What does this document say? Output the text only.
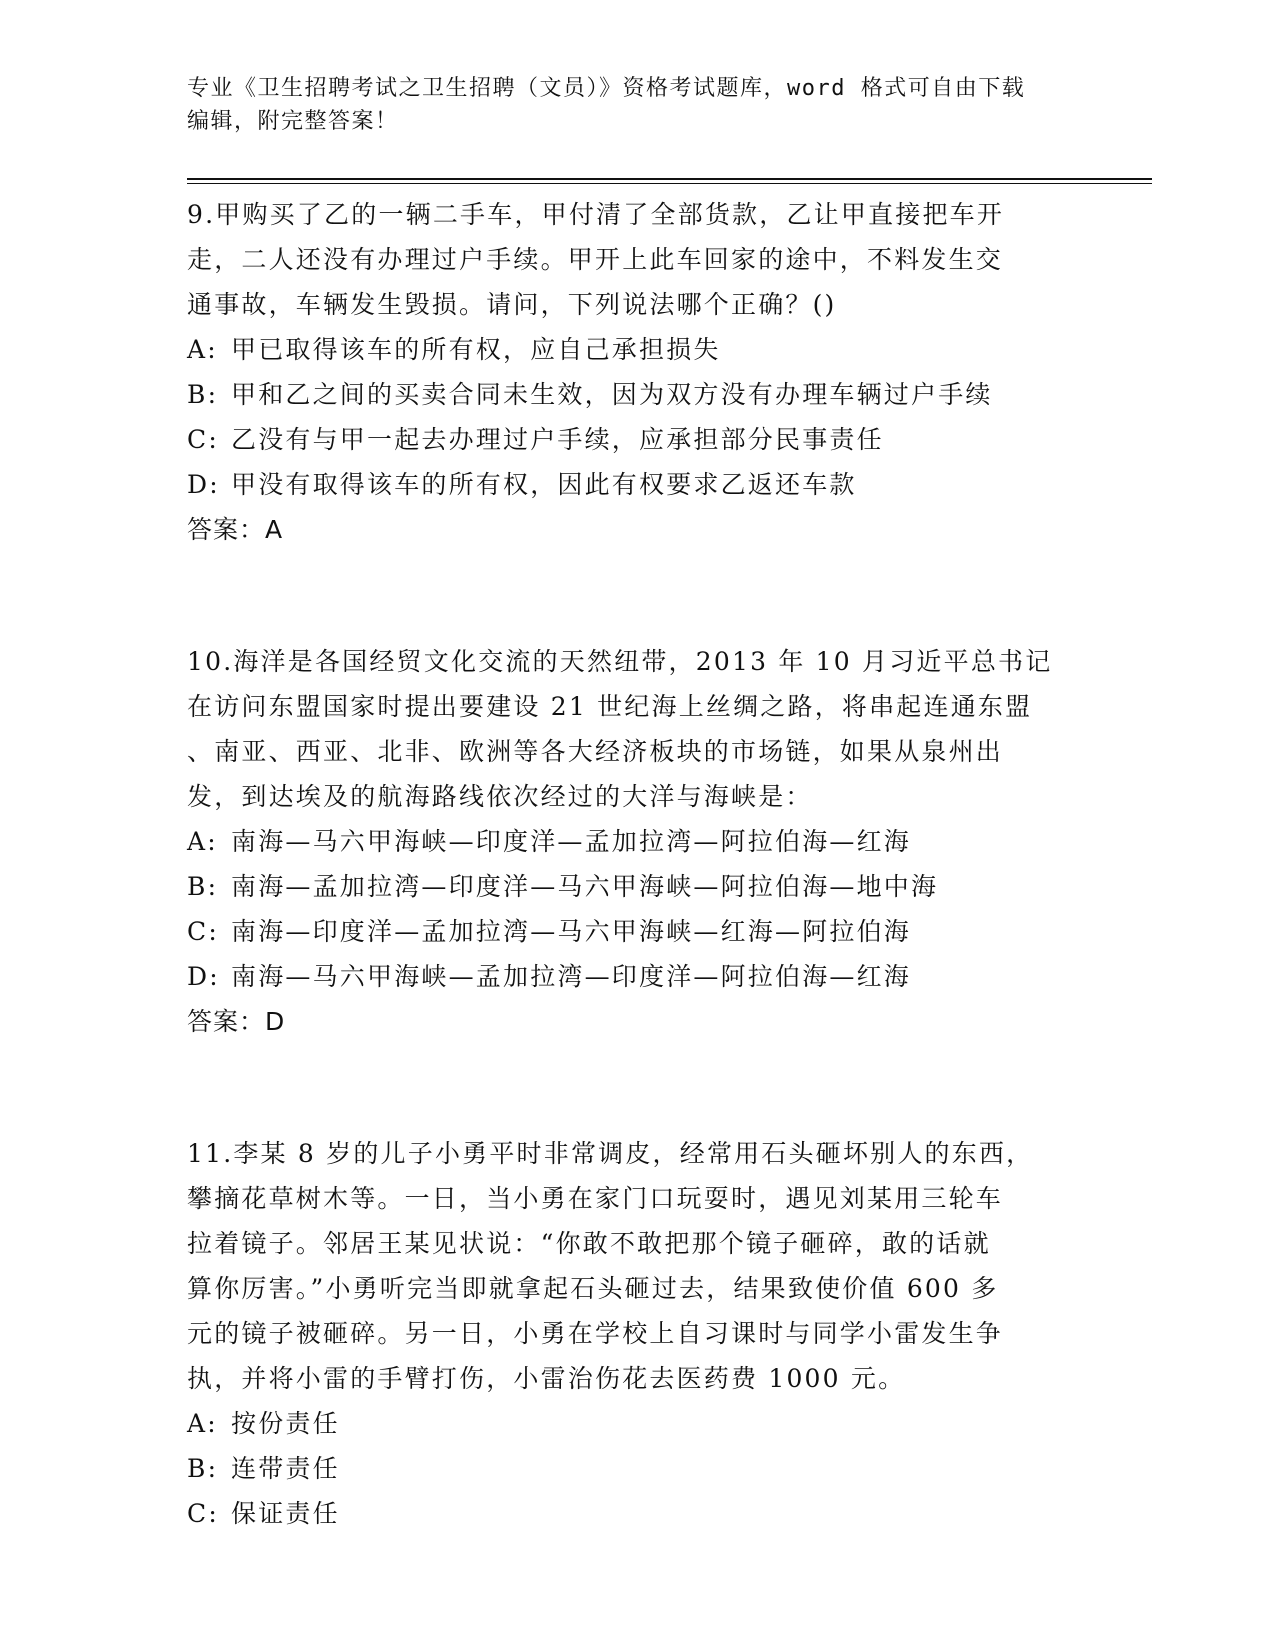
专业《卫生招聘考试之卫生招聘（文员）》资格考试题库，word 格式可自由下载
编辑，附完整答案！
9.甲购买了乙的一辆二手车，甲付清了全部货款，乙让甲直接把车开
走，二人还没有办理过户手续。甲开上此车回家的途中，不料发生交
通事故，车辆发生毁损。请问，下列说法哪个正确？()
A: 甲已取得该车的所有权，应自己承担损失
B: 甲和乙之间的买卖合同未生效，因为双方没有办理车辆过户手续
C: 乙没有与甲一起去办理过户手续，应承担部分民事责任
D: 甲没有取得该车的所有权，因此有权要求乙返还车款
答案：A
10.海洋是各国经贸文化交流的天然纽带，2013 年 10 月习近平总书记
在访问东盟国家时提出要建设 21 世纪海上丝绸之路，将串起连通东盟
、南亚、西亚、北非、欧洲等各大经济板块的市场链，如果从泉州出
发，到达埃及的航海路线依次经过的大洋与海峡是：
A: 南海—马六甲海峡—印度洋—孟加拉湾—阿拉伯海—红海
B: 南海—孟加拉湾—印度洋—马六甲海峡—阿拉伯海—地中海
C: 南海—印度洋—孟加拉湾—马六甲海峡—红海—阿拉伯海
D: 南海—马六甲海峡—孟加拉湾—印度洋—阿拉伯海—红海
答案：D
11.李某 8 岁的儿子小勇平时非常调皮，经常用石头砸坏别人的东西，
攀摘花草树木等。一日，当小勇在家门口玩耍时，遇见刘某用三轮车
拉着镜子。邻居王某见状说：“你敢不敢把那个镜子砸碎，敢的话就
算你厉害。”小勇听完当即就拿起石头砸过去，结果致使价值 600 多
元的镜子被砸碎。另一日，小勇在学校上自习课时与同学小雷发生争
执，并将小雷的手臂打伤，小雷治伤花去医药费 1000 元。
A: 按份责任
B: 连带责任
C: 保证责任
